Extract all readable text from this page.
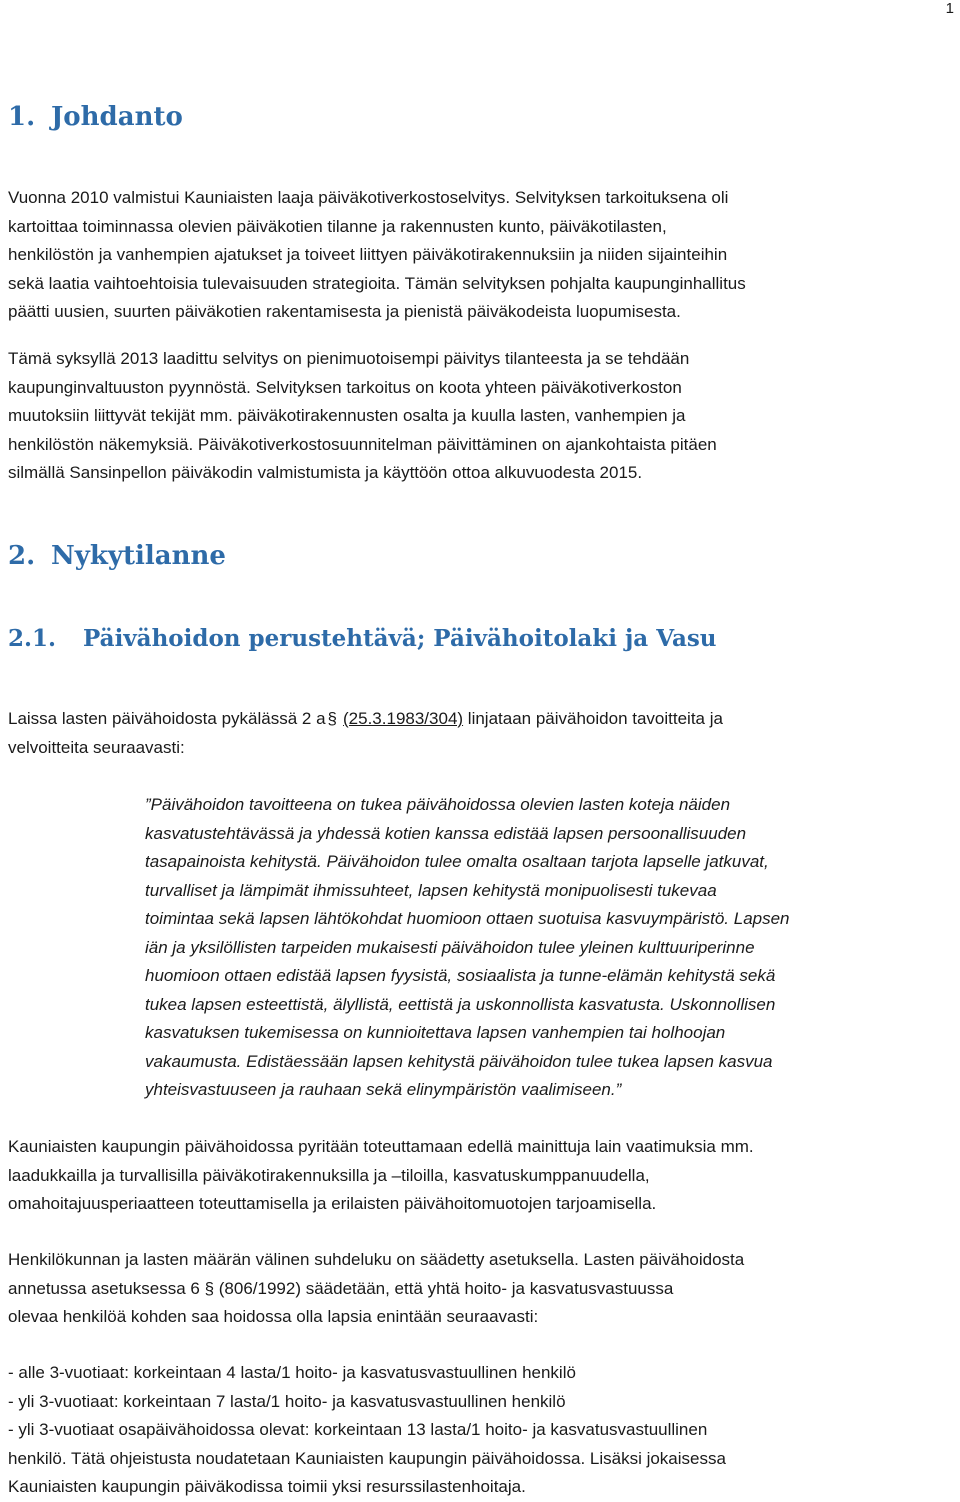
1
1. Johdanto
Vuonna 2010 valmistui Kauniaisten laaja päiväkotiverkostoselvitys. Selvityksen tarkoituksena oli
kartoittaa toiminnassa olevien päiväkotien tilanne ja rakennusten kunto, päiväkotilasten,
henkilöstön ja vanhempien ajatukset ja toiveet liittyen päiväkotirakennuksiin ja niiden sijainteihin
sekä laatia vaihtoehtoisia tulevaisuuden strategioita. Tämän selvityksen pohjalta kaupunginhallitus
päätti uusien, suurten päiväkotien rakentamisesta ja pienistä päiväkodeista luopumisesta.
Tämä syksyllä 2013 laadittu selvitys on pienimuotoisempi päivitys tilanteesta ja se tehdään
kaupunginvaltuuston pyynnöstä. Selvityksen tarkoitus on koota yhteen päiväkotiverkoston
muutoksiin liittyvät tekijät mm. päiväkotirakennusten osalta ja kuulla lasten, vanhempien ja
henkilöstön näkemyksiä. Päiväkotiverkostosuunnitelman päivittäminen on ajankohtaista pitäen
silmällä Sansinpellon päiväkodin valmistumista ja käyttöön ottoa alkuvuodesta 2015.
2. Nykytilanne
2.1. Päivähoidon perustehtävä; Päivähoitolaki ja Vasu
Laissa lasten päivähoidosta pykälässä 2 a § (25.3.1983/304) linjataan päivähoidon tavoitteita ja
velvoitteita seuraavasti:
”Päivähoidon tavoitteena on tukea päivähoidossa olevien lasten koteja näiden
kasvatustehtävässä ja yhdessä kotien kanssa edistää lapsen persoonallisuuden
tasapainoista kehitystä. Päivähoidon tulee omalta osaltaan tarjota lapselle jatkuvat,
turvalliset ja lämpimät ihmissuhteet, lapsen kehitystä monipuolisesti tukevaa
toimintaa sekä lapsen lähtökohdat huomioon ottaen suotuisa kasvuympäristö. Lapsen
iän ja yksilöllisten tarpeiden mukaisesti päivähoidon tulee yleinen kulttuuriperinne
huomioon ottaen edistää lapsen fyysistä, sosiaalista ja tunne-elämän kehitystä sekä
tukea lapsen esteettistä, älyllistä, eettistä ja uskonnollista kasvatusta. Uskonnollisen
kasvatuksen tukemisessa on kunnioitettava lapsen vanhempien tai holhoojan
vakaumusta. Edistäessään lapsen kehitystä päivähoidon tulee tukea lapsen kasvua
yhteisvastuuseen ja rauhaan sekä elinympäristön vaalimiseen.”
Kauniaisten kaupungin päivähoidossa pyritään toteuttamaan edellä mainittuja lain vaatimuksia mm.
laadukkailla ja turvallisilla päiväkotirakennuksilla ja –tiloilla, kasvatuskumppanuudella,
omahoitajuusperiaatteen toteuttamisella ja erilaisten päivähoitomuotojen tarjoamisella.
Henkilökunnan ja lasten määrän välinen suhdeluku on säädetty asetuksella. Lasten päivähoidosta
annetussa asetuksessa 6 § (806/1992) säädetään, että yhtä hoito- ja kasvatusvastuussa
olevaa henkilöä kohden saa hoidossa olla lapsia enintään seuraavasti:
- alle 3-vuotiaat: korkeintaan 4 lasta/1 hoito- ja kasvatusvastuullinen henkilö
- yli 3-vuotiaat: korkeintaan 7 lasta/1 hoito- ja kasvatusvastuullinen henkilö
- yli 3-vuotiaat osapäivähoidossa olevat: korkeintaan 13 lasta/1 hoito- ja kasvatusvastuullinen
henkilö. Tätä ohjeistusta noudatetaan Kauniaisten kaupungin päivähoidossa. Lisäksi jokaisessa
Kauniaisten kaupungin päiväkodissa toimii yksi resurssilastenhoitaja.
